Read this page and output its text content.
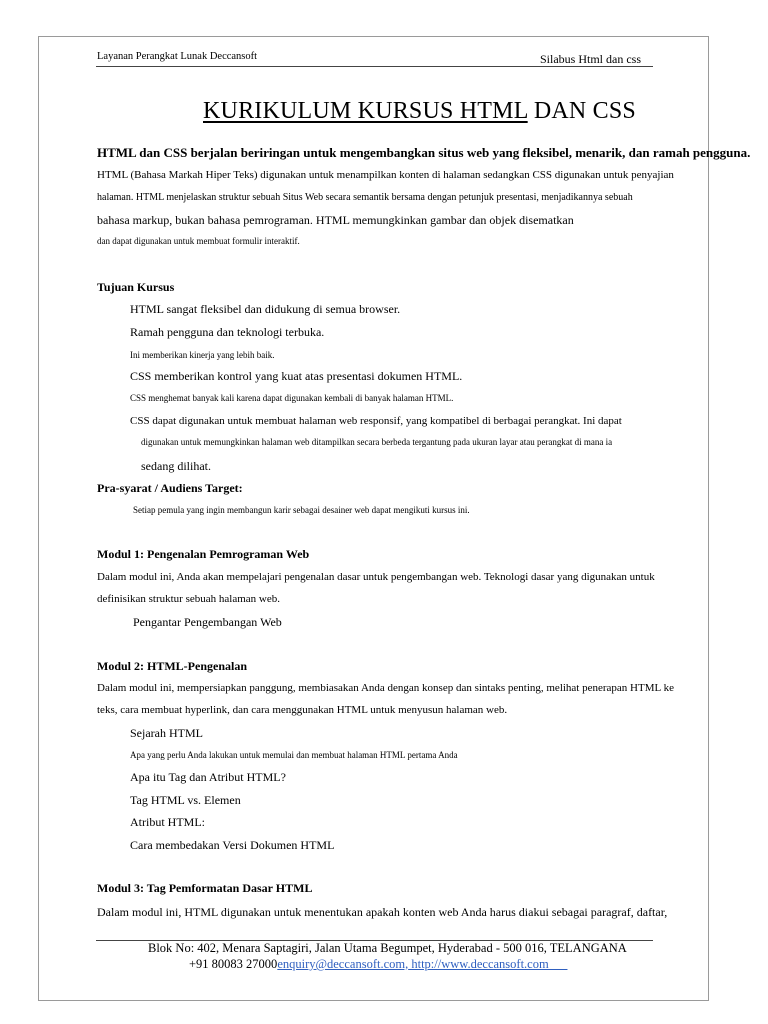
Layanan Perangkat Lunak Deccansoft	Silabus Html dan css
KURIKULUM KURSUS HTML DAN CSS
HTML dan CSS berjalan beriringan untuk mengembangkan situs web yang fleksibel, menarik, dan ramah pengguna.
HTML (Bahasa Markah Hiper Teks) digunakan untuk menampilkan konten di halaman sedangkan CSS digunakan untuk penyajian
halaman. HTML menjelaskan struktur sebuah Situs Web secara semantik bersama dengan petunjuk presentasi, menjadikannya sebuah
bahasa markup, bukan bahasa pemrograman. HTML memungkinkan gambar dan objek disematkan
dan dapat digunakan untuk membuat formulir interaktif.
Tujuan Kursus
HTML sangat fleksibel dan didukung di semua browser.
Ramah pengguna dan teknologi terbuka.
Ini memberikan kinerja yang lebih baik.
CSS memberikan kontrol yang kuat atas presentasi dokumen HTML.
CSS menghemat banyak kali karena dapat digunakan kembali di banyak halaman HTML.
CSS dapat digunakan untuk membuat halaman web responsif, yang kompatibel di berbagai perangkat. Ini dapat
digunakan untuk memungkinkan halaman web ditampilkan secara berbeda tergantung pada ukuran layar atau perangkat di mana ia
sedang dilihat.
Pra-syarat / Audiens Target:
Setiap pemula yang ingin membangun karir sebagai desainer web dapat mengikuti kursus ini.
Modul 1: Pengenalan Pemrograman Web
Dalam modul ini, Anda akan mempelajari pengenalan dasar untuk pengembangan web. Teknologi dasar yang digunakan untuk
definisikan struktur sebuah halaman web.
Pengantar Pengembangan Web
Modul 2: HTML-Pengenalan
Dalam modul ini, mempersiapkan panggung, membiasakan Anda dengan konsep dan sintaks penting, melihat penerapan HTML ke
teks, cara membuat hyperlink, dan cara menggunakan HTML untuk menyusun halaman web.
Sejarah HTML
Apa yang perlu Anda lakukan untuk memulai dan membuat halaman HTML pertama Anda
Apa itu Tag dan Atribut HTML?
Tag HTML vs. Elemen
Atribut HTML:
Cara membedakan Versi Dokumen HTML
Modul 3: Tag Pemformatan Dasar HTML
Dalam modul ini, HTML digunakan untuk menentukan apakah konten web Anda harus diakui sebagai paragraf, daftar,
Blok No: 402, Menara Saptagiri, Jalan Utama Begumpet, Hyderabad - 500 016, TELANGANA
+91 80083 27000enquiry@deccansoft.com, http://www.deccansoft.com
